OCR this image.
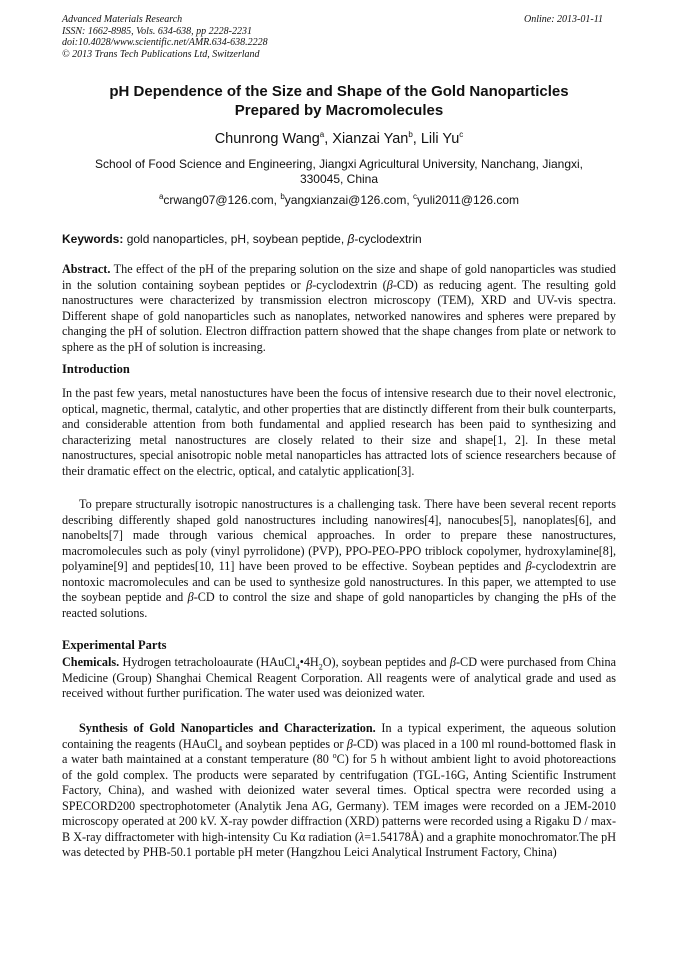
Advanced Materials Research
ISSN: 1662-8985, Vols. 634-638, pp 2228-2231
doi:10.4028/www.scientific.net/AMR.634-638.2228
© 2013 Trans Tech Publications Ltd, Switzerland
Online: 2013-01-11
pH Dependence of the Size and Shape of the Gold Nanoparticles
Prepared by Macromolecules
Chunrong Wang$^a$, Xianzai Yan$^b$, Lili Yu$^c$
School of Food Science and Engineering, Jiangxi Agricultural University, Nanchang, Jiangxi,
330045, China
$^a$crwang07@126.com, $^b$yangxianzai@126.com, $^c$yuli2011@126.com
Keywords: gold nanoparticles, pH, soybean peptide, β-cyclodextrin

Abstract. The effect of the pH of the preparing solution on the size and shape of gold nanoparticles was studied in the solution containing soybean peptides or β-cyclodextrin (β-CD) as reducing agent. The resulting gold nanostructures were characterized by transmission electron microscopy (TEM), XRD and UV-vis spectra. Different shape of gold nanoparticles such as nanoplates, networked nanowires and spheres were prepared by changing the pH of solution. Electron diffraction pattern showed that the shape changes from plate or network to sphere as the pH of solution is increasing.

Introduction

In the past few years, metal nanostuctures have been the focus of intensive research due to their novel electronic, optical, magnetic, thermal, catalytic, and other properties that are distinctly different from their bulk counterparts, and considerable attention from both fundamental and applied research has been paid to synthesizing and characterizing metal nanostructures are closely related to their size and shape[1, 2]. In these metal nanostructures, special anisotropic noble metal nanoparticles has attracted lots of science researchers because of their dramatic effect on the electric, optical, and catalytic application[3].

To prepare structurally isotropic nanostructures is a challenging task. There have been several recent reports describing differently shaped gold nanostructures including nanowires[4], nanocubes[5], nanoplates[6], and nanobelts[7] made through various chemical approaches. In order to prepare these nanostructures, macromolecules such as poly (vinyl pyrrolidone) (PVP), PPO-PEO-PPO triblock copolymer, hydroxylamine[8], polyamine[9] and peptides[10, 11] have been proved to be effective. Soybean peptides and β-cyclodextrin are nontoxic macromolecules and can be used to synthesize gold nanostructures. In this paper, we attempted to use the soybean peptide and β-CD to control the size and shape of gold nanoparticles by changing the pHs of the reacted solutions.

Experimental Parts

Chemicals. Hydrogen tetracholoaurate $(HAuCl_4•4H_2O)$, soybean peptides and β-CD were purchased from China Medicine (Group) Shanghai Chemical Reagent Corporation. All reagents were of analytical grade and used as received without further purification. The water used was deionized water.

Synthesis of Gold Nanoparticles and Characterization. In a typical experiment, the aqueous solution containing the reagents (HAuCl$_4$ and soybean peptides or β-CD) was placed in a 100 ml round-bottomed flask in a water bath maintained at a constant temperature (80 $^o$C) for 5 h without ambient light to avoid photoreactions of the gold complex. The products were separated by centrifugation (TGL-16G, Anting Scientific Instrument Factory, China), and washed with deionized water several times. Optical spectra were recorded using a SPECORD200 spectrophotometer (Analytik Jena AG, Germany). TEM images were recorded on a JEM-2010 microscopy operated at 200 kV. X-ray powder diffraction (XRD) patterns were recorded using a Rigaku D / max-B X-ray diffractometer with high-intensity Cu Kα radiation (λ=1.54178Å) and a graphite monochromator.The pH was detected by PHB-50.1 portable pH meter (Hangzhou Leici Analytical Instrument Factory, China)
